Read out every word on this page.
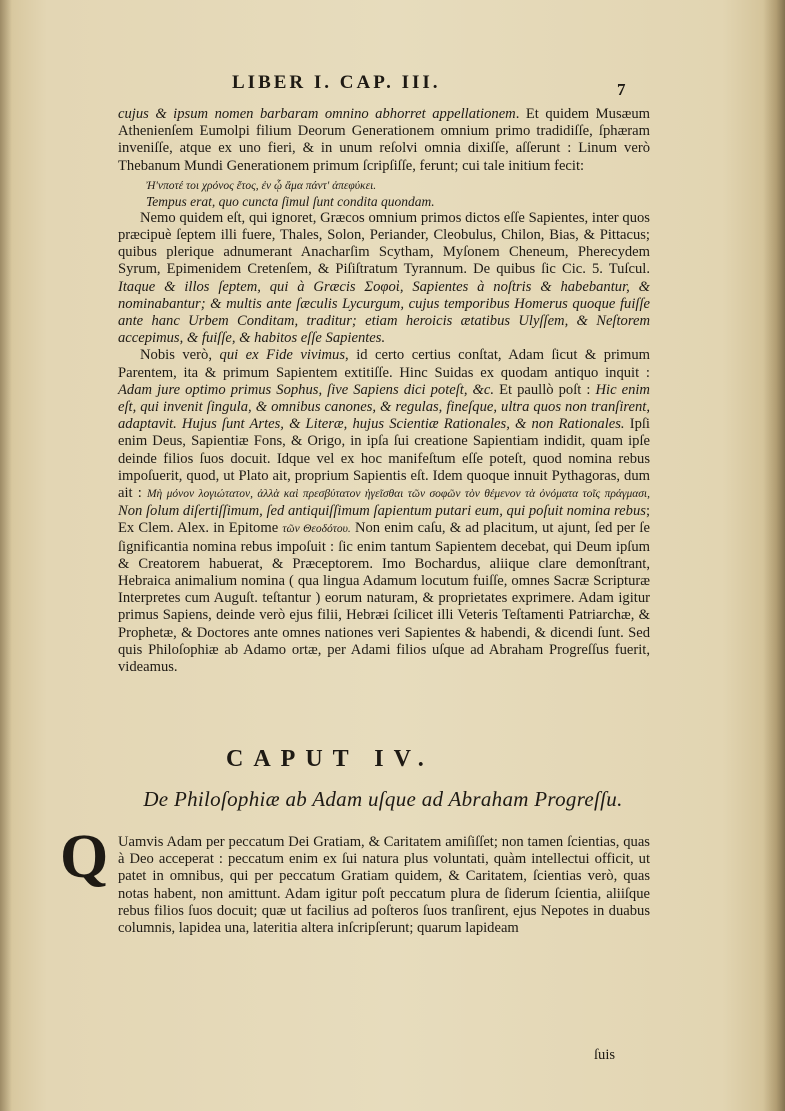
LIBER I. CAP. III.	7

cujus & ipsum nomen barbaram omnino abhorret appellationem. Et quidem Musæum Athenienſem Eumolpi filium Deorum Generationem omnium primo tradidiſſe, ſphæram inveniſſe, atque ex uno fieri, & in unum reſolvi omnia dixiſſe, aſſerunt : Linum verò Thebanum Mundi Generationem primum ſcripſiſſe, ferunt; cui tale initium fecit:

Ἠ'νποτέ τοι χρόνος ἔτος, ἐν ᾧ ἅμα πάντ' ἀπεφύκει.
Tempus erat, quo cuncta ſimul ſunt condita quondam.

Nemo quidem eſt, qui ignoret, Græcos omnium primos dictos eſſe Sapientes, inter quos præcipuè ſeptem illi fuere, Thales, Solon, Periander, Cleobulus, Chilon, Bias, & Pittacus; quibus plerique adnumerant Anacharſim Scytham, Myſonem Cheneum, Pherecydem Syrum, Epimenidem Cretenſem, & Piſiſtratum Tyrannum. De quibus ſic Cic. 5. Tuſcul. Itaque & illos ſeptem, qui à Græcis Σοφοὶ, Sapientes à noſtris & habebantur, & nominabantur; & multis ante ſæculis Lycurgum, cujus temporibus Homerus quoque fuiſſe ante hanc Urbem Conditam, traditur; etiam heroicis ætatibus Ulyſſem, & Neſtorem accepimus, & fuiſſe, & habitos eſſe Sapientes.

Nobis verò, qui ex Fide vivimus, id certo certius conſtat, Adam ſicut & primum Parentem, ita & primum Sapientem extitiſſe. Hinc Suidas ex quodam antiquo inquit : Adam jure optimo primus Sophus, ſive Sapiens dici poteſt, &c. Et paullò poſt : Hic enim eſt, qui invenit ſingula, & omnibus canones, & regulas, fineſque, ultra quos non tranſirent, adaptavit. Hujus ſunt Artes, & Literæ, hujus Scientiæ Rationales, & non Rationales. Ipſi enim Deus, Sapientiæ Fons, & Origo, in ipſa ſui creatione Sapientiam indidit, quam ipſe deinde filios ſuos docuit. Idque vel ex hoc manifeſtum eſſe poteſt, quod nomina rebus impoſuerit, quod, ut Plato ait, proprium Sapientis eſt. Idem quoque innuit Pythagoras, dum ait : Μὴ μόνον λογιώτατον, ἀλλὰ καὶ πρεσβύτατον ἡγεῖσθαι τῶν σοφῶν τὸν θέμενον τὰ ὀνόματα τοῖς πράγμασι, Non ſolum diſertiſſimum, ſed antiquiſſimum ſapientum putari eum, qui poſuit nomina rebus; Ex Clem. Alex. in Epitome τῶν Θεοδότου. Non enim caſu, & ad placitum, ut ajunt, ſed per ſe ſignificantia nomina rebus impoſuit : ſic enim tantum Sapientem decebat, qui Deum ipſum & Creatorem habuerat, & Præceptorem. Imo Bochardus, aliique clare demonſtrant, Hebraica animalium nomina ( qua lingua Adamum locutum fuiſſe, omnes Sacræ Scripturæ Interpretes cum Auguſt. teſtantur ) eorum naturam, & proprietates exprimere. Adam igitur primus Sapiens, deinde verò ejus filii, Hebræi ſcilicet illi Veteris Teſtamenti Patriarchæ, & Prophetæ, & Doctores ante omnes nationes veri Sapientes & habendi, & dicendi ſunt. Sed quis Philoſophiæ ab Adamo ortæ, per Adami filios uſque ad Abraham Progreſſus fuerit, videamus.

CAPUT IV.
De Philoſophiæ ab Adam uſque ad Abraham Progreſſu.
Q Uamvis Adam per peccatum Dei Gratiam, & Caritatem amiſiſſet; non tamen ſcientias, quas à Deo acceperat : peccatum enim ex ſui natura plus voluntati, quàm intellectui officit, ut patet in omnibus, qui per peccatum Gratiam quidem, & Caritatem, ſcientias verò, quas notas habent, non amittunt. Adam igitur poſt peccatum plura de ſiderum ſcientia, aliiſque rebus filios ſuos docuit; quæ ut facilius ad poſteros ſuos tranſirent, ejus Nepotes in duabus columnis, lapidea una, lateritia altera inſcripſerunt; quarum lapideam

ſuis
